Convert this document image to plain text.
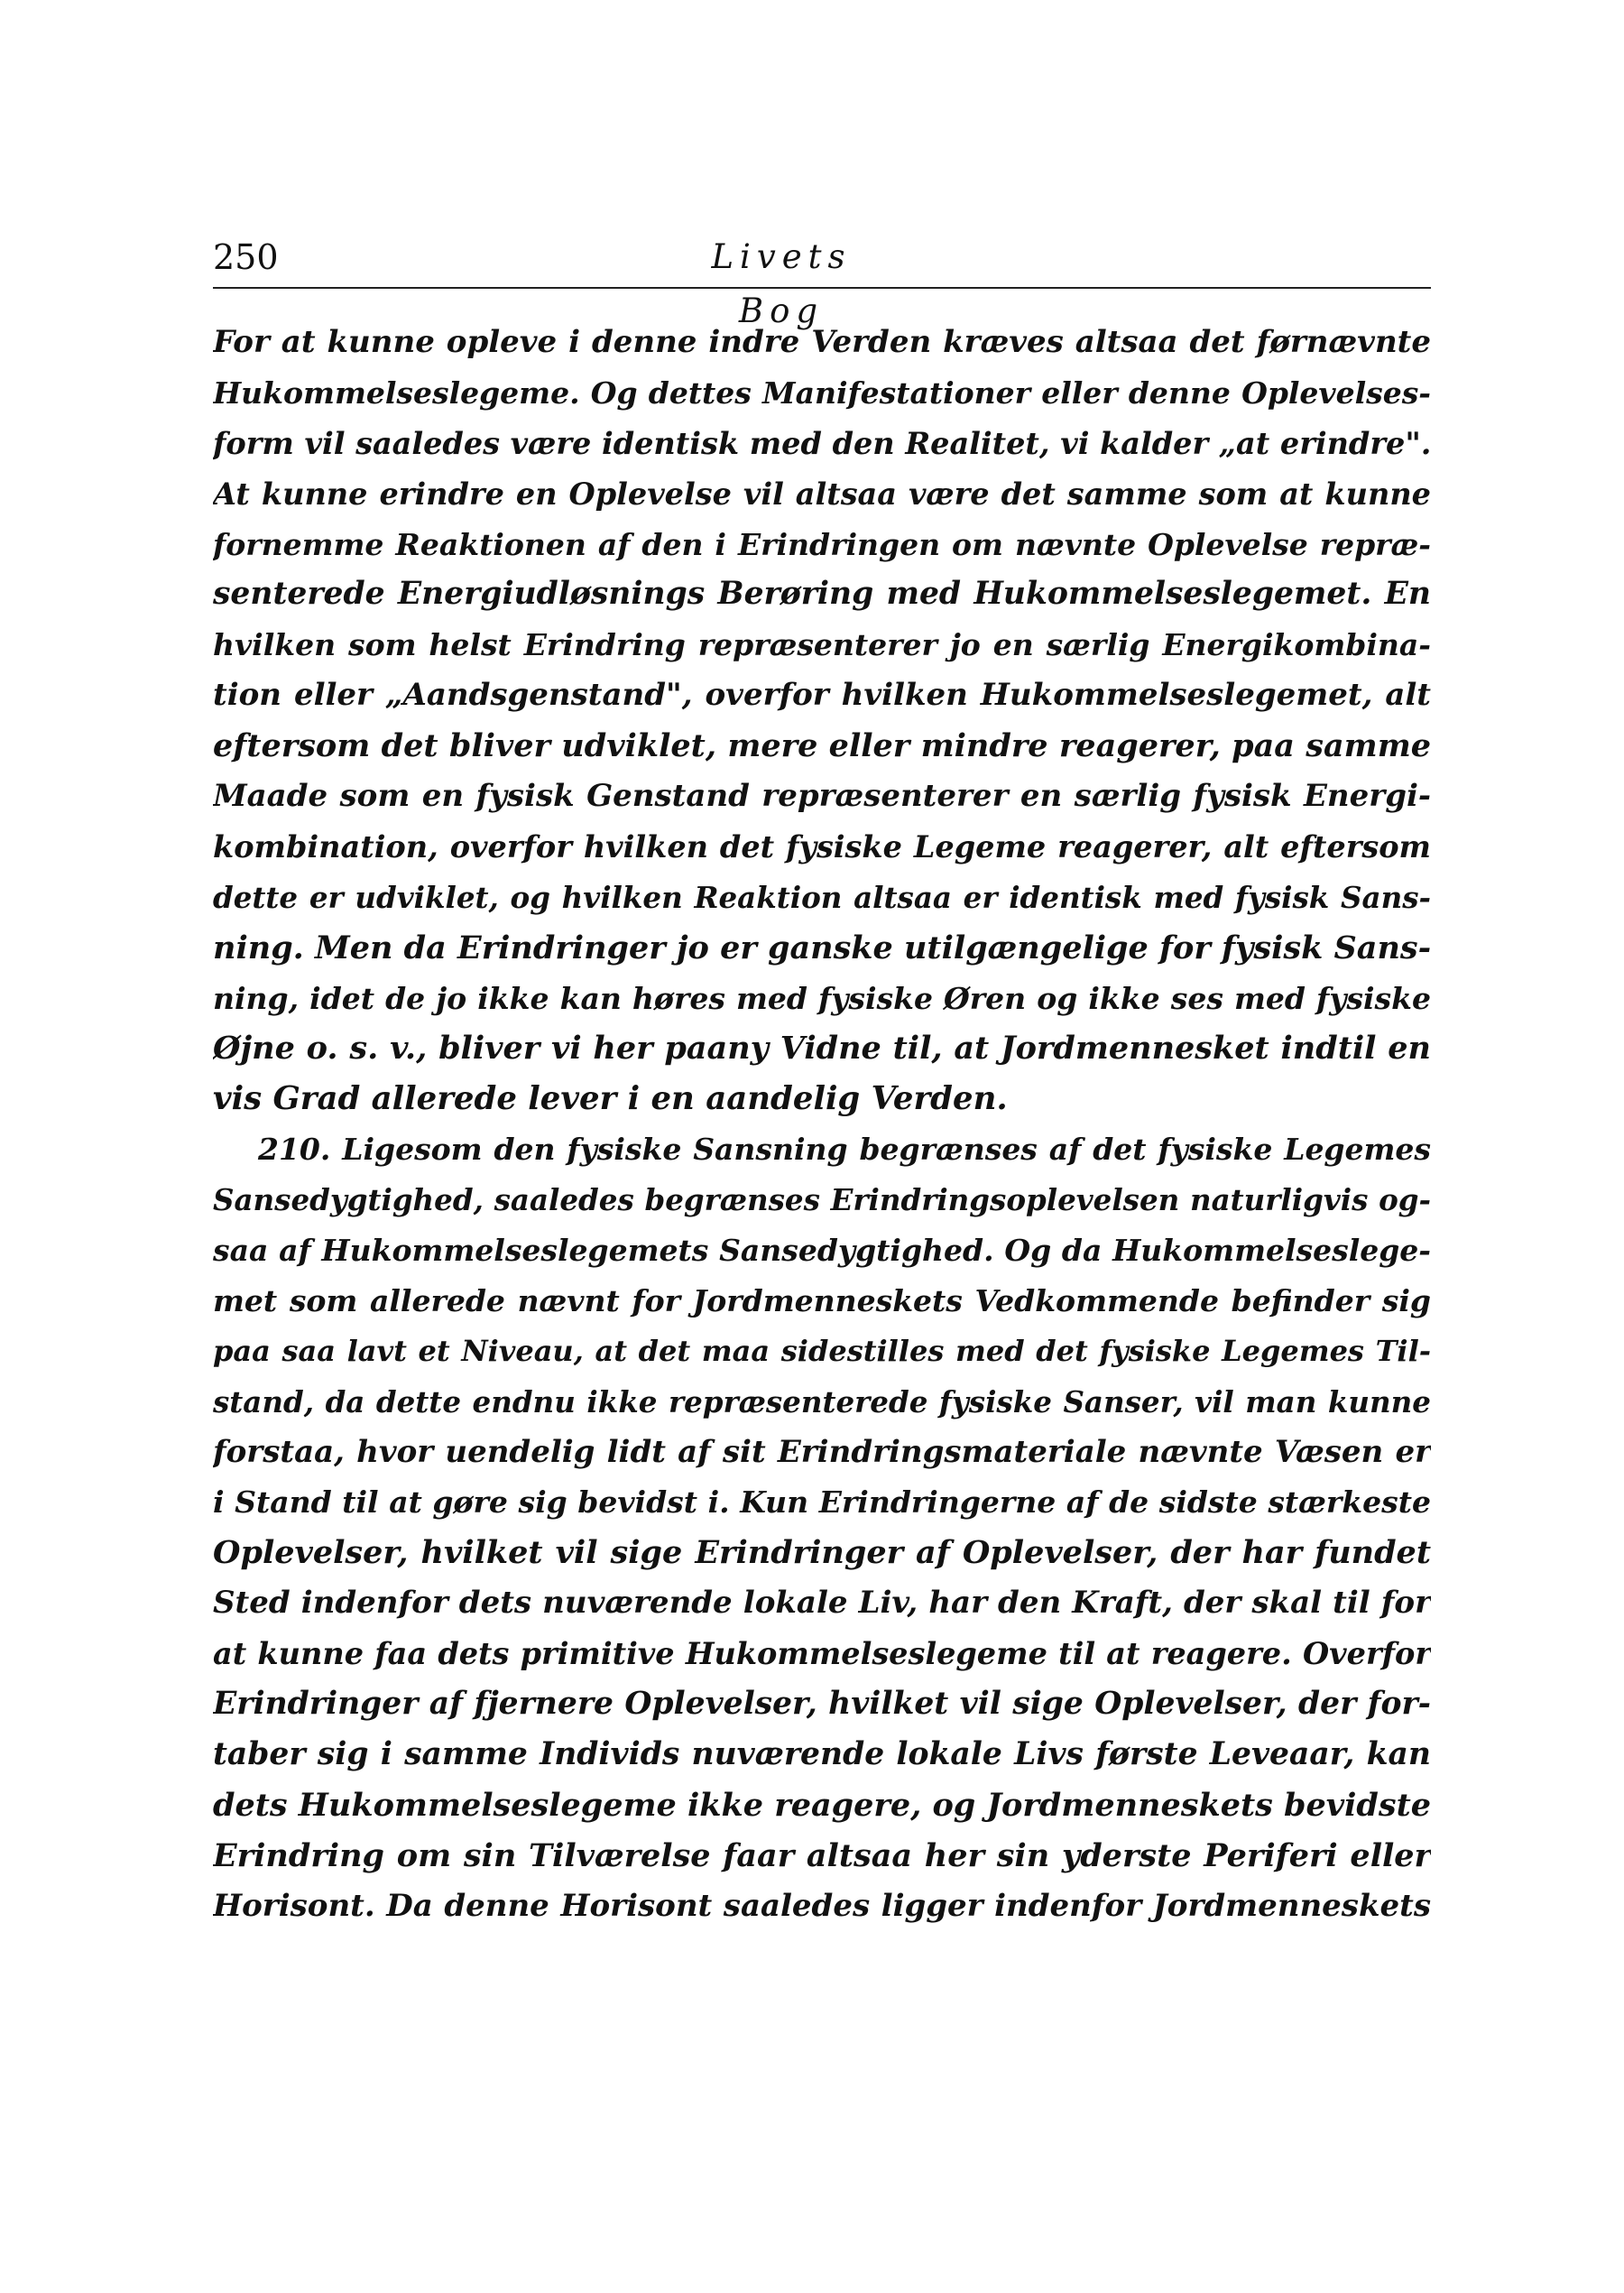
250	Livets Bog
For at kunne opleve i denne indre Verden kræves altsaa det førnævnte
Hukommelseslegeme. Og dettes Manifestationer eller denne Oplevelses-
form vil saaledes være identisk med den Realitet, vi kalder „at erindre".
At kunne erindre en Oplevelse vil altsaa være det samme som at kunne
fornemme Reaktionen af den i Erindringen om nævnte Oplevelse repræ-
senterede Energiudløsnings Berøring med Hukommelseslegemet. En
hvilken som helst Erindring repræsenterer jo en særlig Energikombina-
tion eller „Aandsgenstand", overfor hvilken Hukommelseslegemet, alt
eftersom det bliver udviklet, mere eller mindre reagerer, paa samme
Maade som en fysisk Genstand repræsenterer en særlig fysisk Energi-
kombination, overfor hvilken det fysiske Legeme reagerer, alt eftersom
dette er udviklet, og hvilken Reaktion altsaa er identisk med fysisk Sans-
ning. Men da Erindringer jo er ganske utilgængelige for fysisk Sans-
ning, idet de jo ikke kan høres med fysiske Øren og ikke ses med fysiske
Øjne o. s. v., bliver vi her paany Vidne til, at Jordmennesket indtil en
vis Grad allerede lever i en aandelig Verden.
210. Ligesom den fysiske Sansning begrænses af det fysiske Legemes
Sansedygtighed, saaledes begrænses Erindringsoplevelsen naturligvis og-
saa af Hukommelseslegemets Sansedygtighed. Og da Hukommelseslege-
met som allerede nævnt for Jordmenneskets Vedkommende befinder sig
paa saa lavt et Niveau, at det maa sidestilles med det fysiske Legemes Til-
stand, da dette endnu ikke repræsenterede fysiske Sanser, vil man kunne
forstaa, hvor uendelig lidt af sit Erindringsmateriale nævnte Væsen er
i Stand til at gøre sig bevidst i. Kun Erindringerne af de sidste stærkeste
Oplevelser, hvilket vil sige Erindringer af Oplevelser, der har fundet
Sted indenfor dets nuværende lokale Liv, har den Kraft, der skal til for
at kunne faa dets primitive Hukommelseslegeme til at reagere. Overfor
Erindringer af fjernere Oplevelser, hvilket vil sige Oplevelser, der for-
taber sig i samme Individs nuværende lokale Livs første Leveaar, kan
dets Hukommelseslegeme ikke reagere, og Jordmenneskets bevidste
Erindring om sin Tilværelse faar altsaa her sin yderste Periferi eller
Horisont. Da denne Horisont saaledes ligger indenfor Jordmenneskets
